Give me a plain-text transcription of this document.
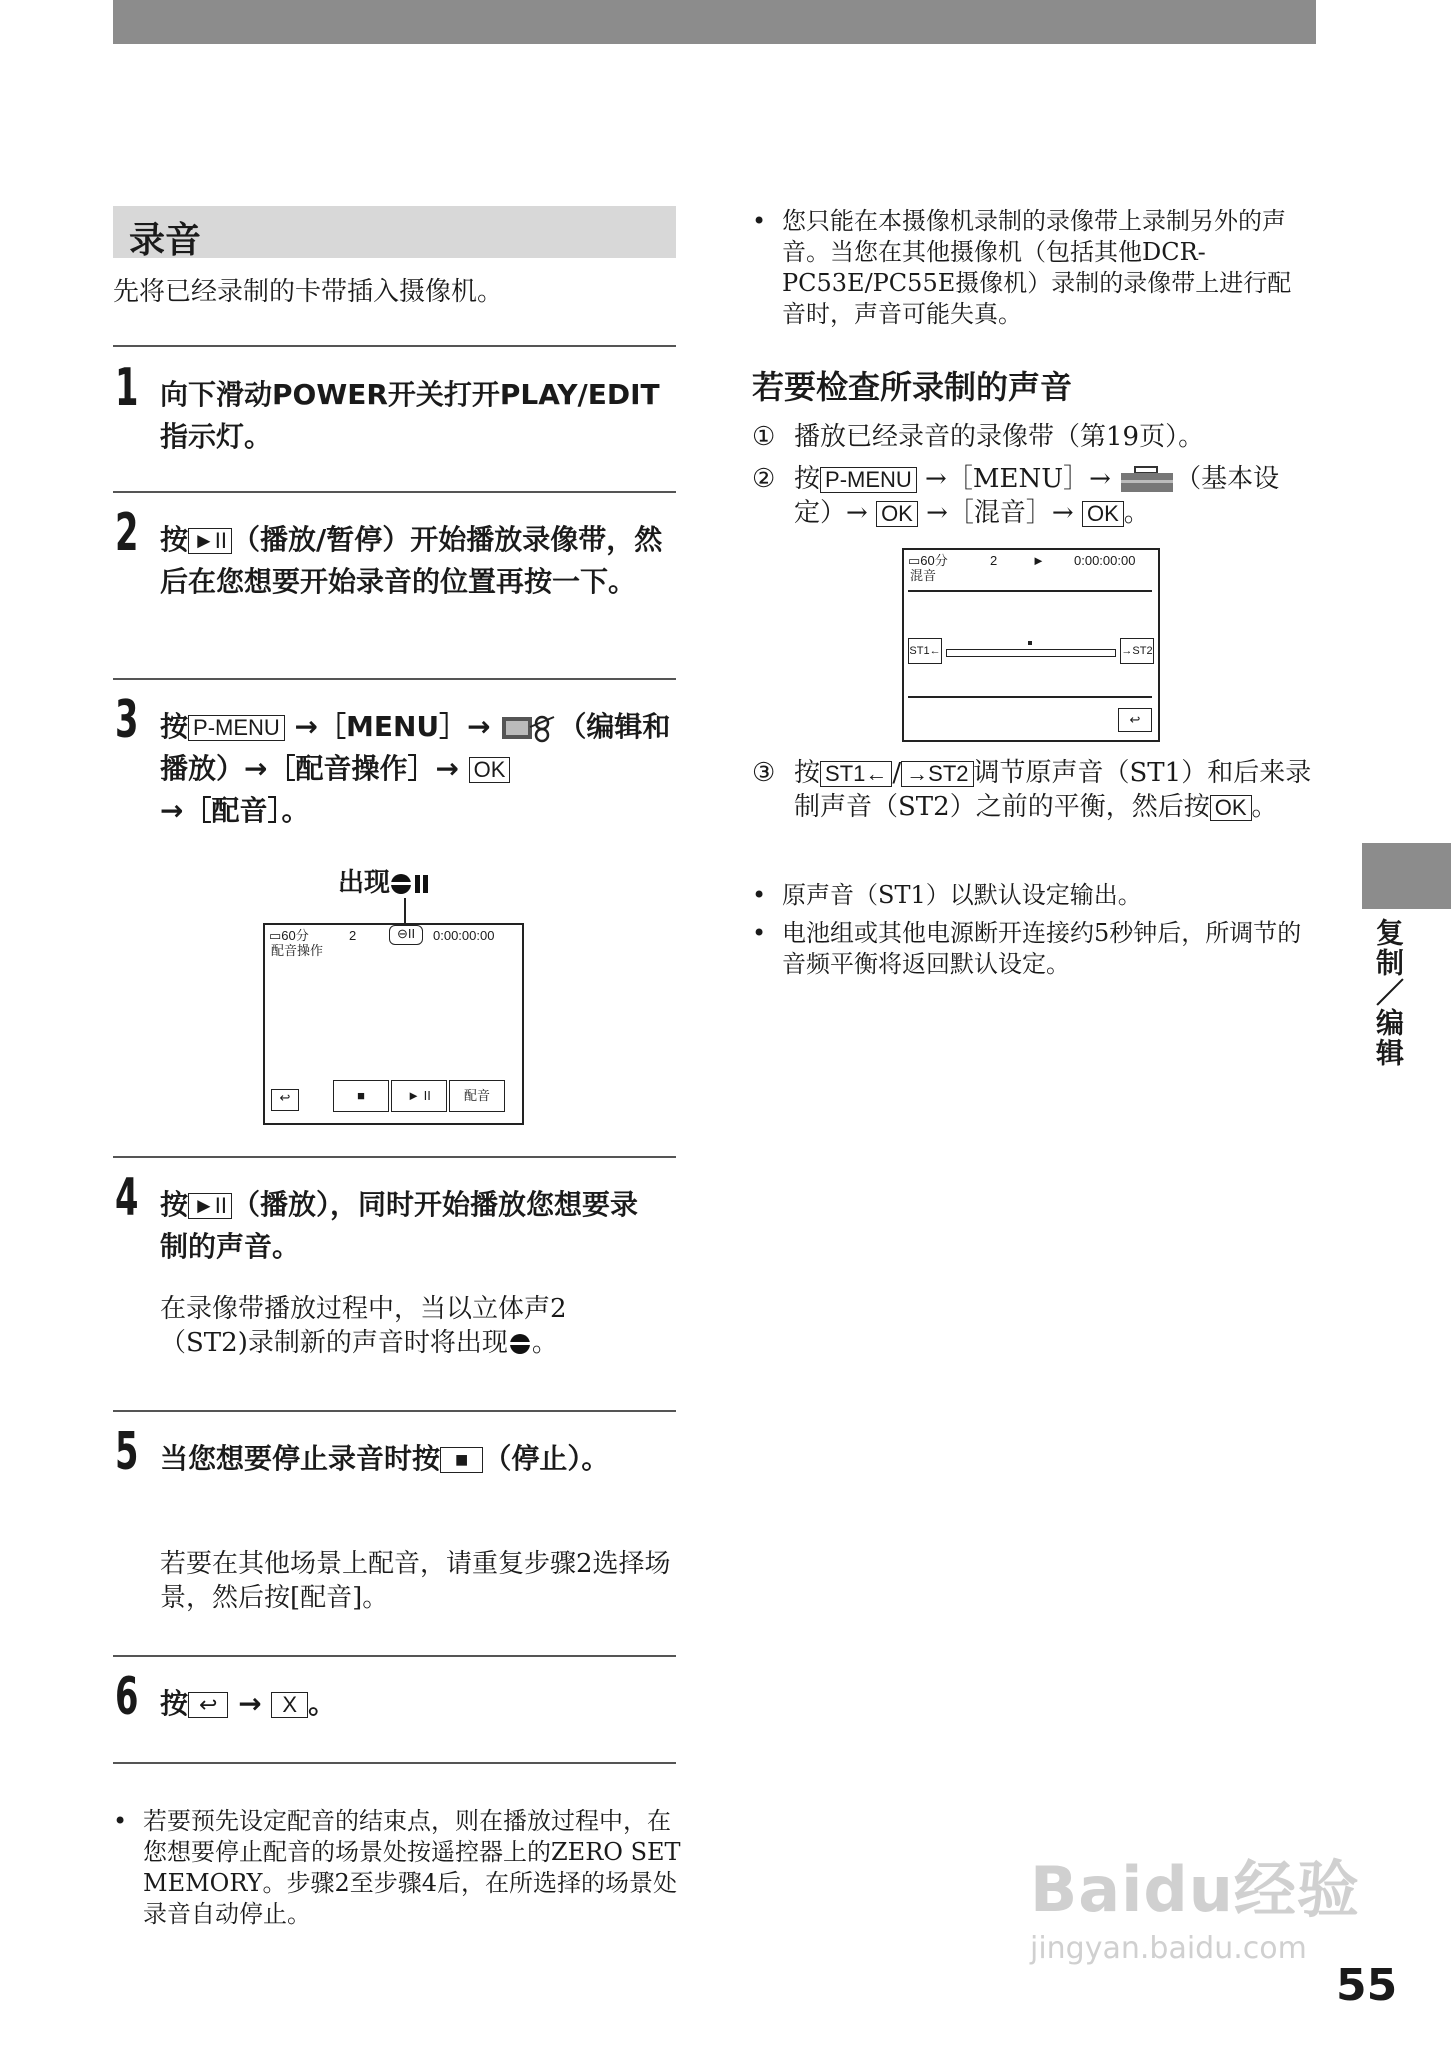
录音
先将已经录制的卡带插入摄像机。
1 向下滑动POWER开关打开PLAY/EDIT指示灯。
2 按 ►II （播放/暂停）开始播放录像带，然后在您想要开始录音的位置再按一下。
3 按 P-MENU →［MENU］→ （编辑和播放）→［配音操作］→ OK
→［配音］。
出现
▭60分	2	⊖II	0:00:00:00
配音操作
↩	■	► II	配音
4 按 ►II （播放），同时开始播放您想要录制的声音。
在录像带播放过程中，当以立体声2（ST2)录制新的声音时将出现 。
5 当您想要停止录音时按 ■ （停止）。
若要在其他场景上配音，请重复步骤2选择场景，然后按[配音]。
6 按 ↩ → X 。
• 若要预先设定配音的结束点，则在播放过程中，在您想要停止配音的场景处按遥控器上的ZERO SET MEMORY。步骤2至步骤4后，在所选择的场景处录音自动停止。
• 您只能在本摄像机录制的录像带上录制另外的声音。当您在其他摄像机（包括其他DCR-PC53E/PC55E摄像机）录制的录像带上进行配音时，声音可能失真。
若要检查所录制的声音
① 播放已经录音的录像带（第19页）。
② 按 P-MENU →［MENU］→ （基本设定）→ OK →［混音］→ OK 。
▭60分	2	► 0:00:00:00
混音
ST1←	→ST2
↩
③ 按 ST1← / →ST2 调节原声音（ST1）和后来录制声音（ST2）之前的平衡，然后按 OK 。
• 原声音（ST1）以默认设定输出。
• 电池组或其他电源断开连接约5秒钟后，所调节的音频平衡将返回默认设定。	复制／编辑
Baidu经验
jingyan.baidu.com
55
